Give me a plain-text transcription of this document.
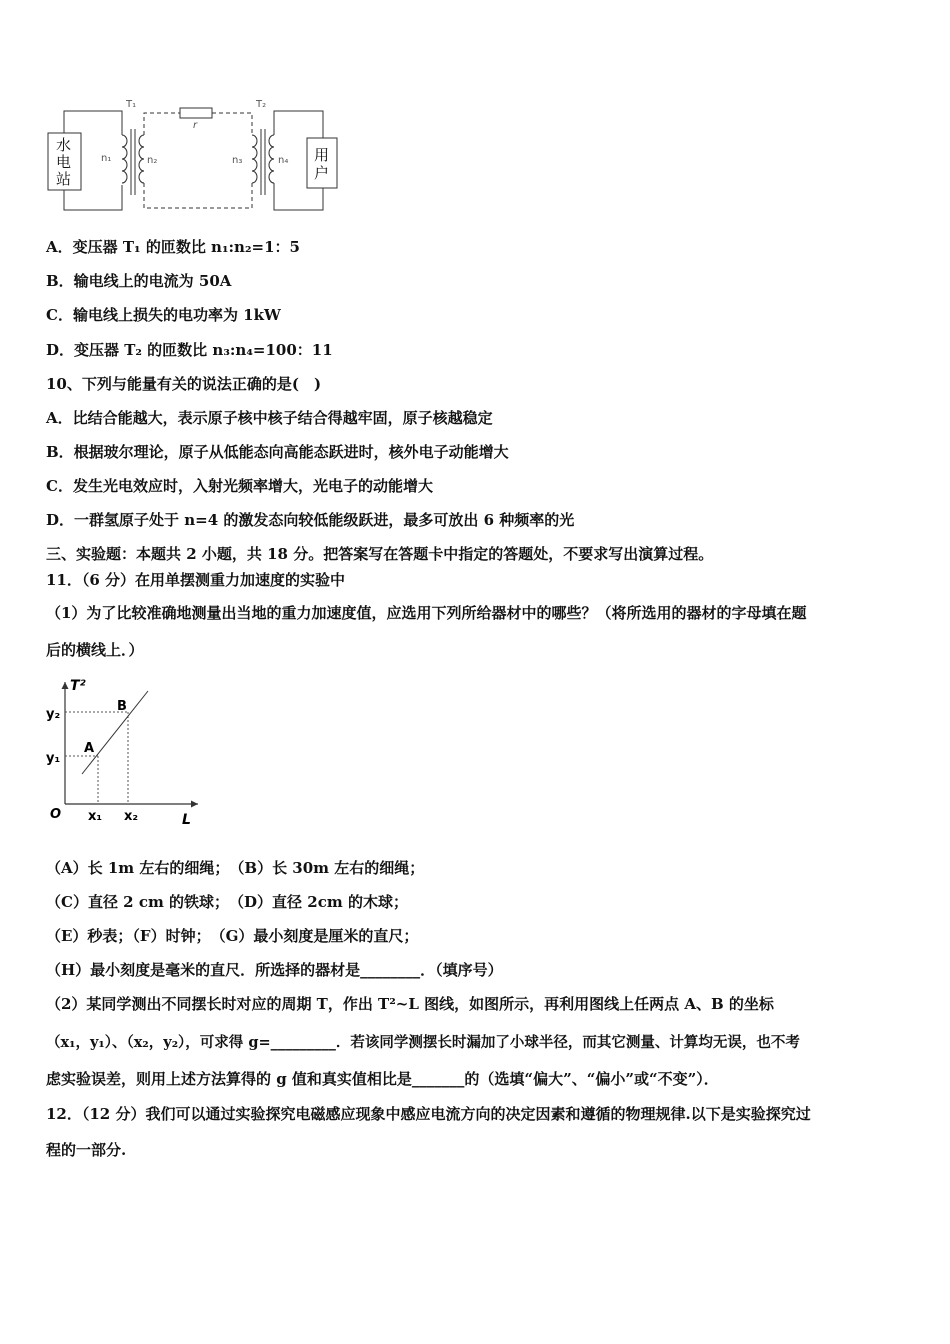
T₁	T₂
r
n₁	n₂	n₃	n₄
水
电
站
用
户
A．变压器 T₁ 的匝数比 n₁:n₂=1：5
B．输电线上的电流为 50A
C．输电线上损失的电功率为 1kW
D．变压器 T₂ 的匝数比 n₃:n₄=100：11
10、下列与能量有关的说法正确的是(　)
A．比结合能越大，表示原子核中核子结合得越牢固，原子核越稳定
B．根据玻尔理论，原子从低能态向高能态跃进时，核外电子动能增大
C．发生光电效应时，入射光频率增大，光电子的动能增大
D．一群氢原子处于 n=4 的激发态向较低能级跃进，最多可放出 6 种频率的光
三、实验题：本题共 2 小题，共 18 分。把答案写在答题卡中指定的答题处，不要求写出演算过程。
11．（6 分）在用单摆测重力加速度的实验中
（1）为了比较准确地测量出当地的重力加速度值，应选用下列所给器材中的哪些？（将所选用的器材的字母填在题
后的横线上．）
T²
L
O
y₂
y₁
x₁ x₂
A
B
（A）长 1m 左右的细绳；　（B）长 30m 左右的细绳；
（C）直径 2 cm 的铁球；　（D）直径 2cm 的木球；
（E）秒表；（F）时钟；　（G）最小刻度是厘米的直尺；
（H）最小刻度是毫米的直尺．所选择的器材是________．（填序号）
（2）某同学测出不同摆长时对应的周期 T，作出 T²~L 图线，如图所示，再利用图线上任两点 A、B 的坐标
（x₁，y₁）、（x₂，y₂），可求得 g=_________．若该同学测摆长时漏加了小球半径，而其它测量、计算均无误，也不考
虑实验误差，则用上述方法算得的 g 值和真实值相比是_______的（选填“偏大”、“偏小”或“不变”）．
12．（12 分）我们可以通过实验探究电磁感应现象中感应电流方向的决定因素和遵循的物理规律.以下是实验探究过
程的一部分.
